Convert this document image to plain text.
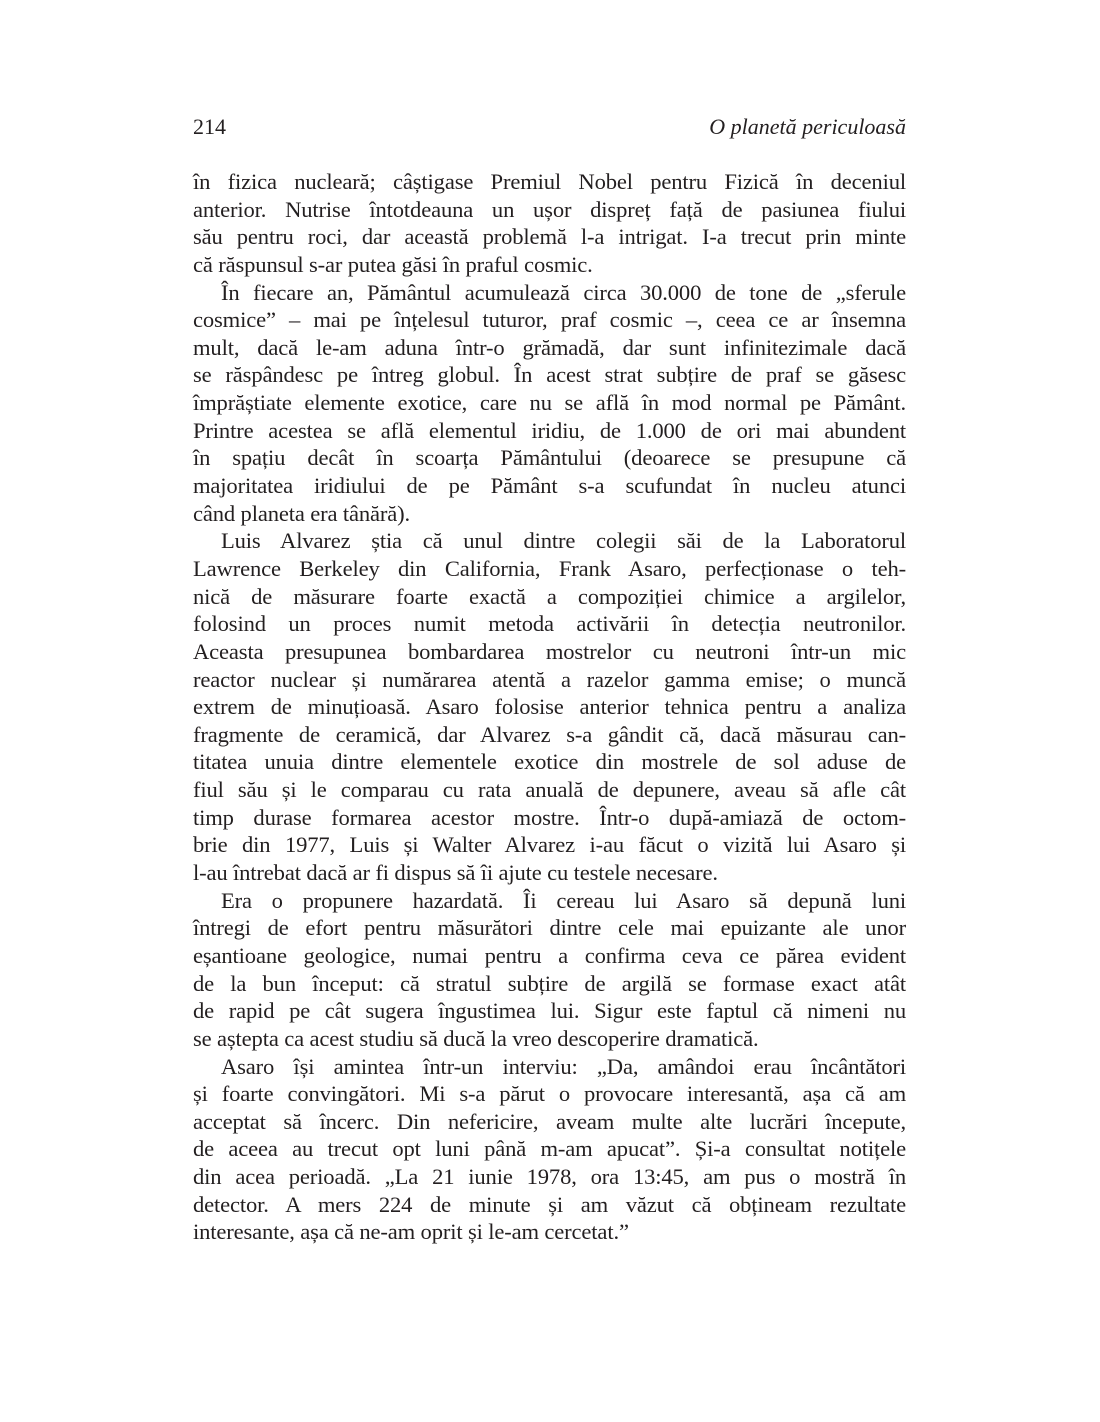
214	O planetă periculoasă

în fizica nucleară; câștigase Premiul Nobel pentru Fizică în deceniul
anterior. Nutrise întotdeauna un ușor dispreț față de pasiunea fiului
său pentru roci, dar această problemă l-a intrigat. I-a trecut prin minte
că răspunsul s-ar putea găsi în praful cosmic.

În fiecare an, Pământul acumulează circa 30.000 de tone de „sferule
cosmice” – mai pe înțelesul tuturor, praf cosmic –, ceea ce ar însemna
mult, dacă le-am aduna într-o grămadă, dar sunt infinitezimale dacă
se răspândesc pe întreg globul. În acest strat subțire de praf se găsesc
împrăștiate elemente exotice, care nu se află în mod normal pe Pământ.
Printre acestea se află elementul iridiu, de 1.000 de ori mai abundent
în spațiu decât în scoarța Pământului (deoarece se presupune că
majoritatea iridiului de pe Pământ s-a scufundat în nucleu atunci
când planeta era tânără).

Luis Alvarez știa că unul dintre colegii săi de la Laboratorul
Lawrence Berkeley din California, Frank Asaro, perfecționase o teh-
nică de măsurare foarte exactă a compoziției chimice a argilelor,
folosind un proces numit metoda activării în detecția neutronilor.
Aceasta presupunea bombardarea mostrelor cu neutroni într-un mic
reactor nuclear și numărarea atentă a razelor gamma emise; o muncă
extrem de minuțioasă. Asaro folosise anterior tehnica pentru a analiza
fragmente de ceramică, dar Alvarez s-a gândit că, dacă măsurau can-
titatea unuia dintre elementele exotice din mostrele de sol aduse de
fiul său și le comparau cu rata anuală de depunere, aveau să afle cât
timp durase formarea acestor mostre. Într-o după-amiază de octom-
brie din 1977, Luis și Walter Alvarez i-au făcut o vizită lui Asaro și
l-au întrebat dacă ar fi dispus să îi ajute cu testele necesare.

Era o propunere hazardată. Îi cereau lui Asaro să depună luni
întregi de efort pentru măsurători dintre cele mai epuizante ale unor
eșantioane geologice, numai pentru a confirma ceva ce părea evident
de la bun început: că stratul subțire de argilă se formase exact atât
de rapid pe cât sugera îngustimea lui. Sigur este faptul că nimeni nu
se aștepta ca acest studiu să ducă la vreo descoperire dramatică.

Asaro își amintea într-un interviu: „Da, amândoi erau încântători
și foarte convingători. Mi s-a părut o provocare interesantă, așa că am
acceptat să încerc. Din nefericire, aveam multe alte lucrări începute,
de aceea au trecut opt luni până m-am apucat”. Și-a consultat notițele
din acea perioadă. „La 21 iunie 1978, ora 13:45, am pus o mostră în
detector. A mers 224 de minute și am văzut că obțineam rezultate
interesante, așa că ne-am oprit și le-am cercetat.”
